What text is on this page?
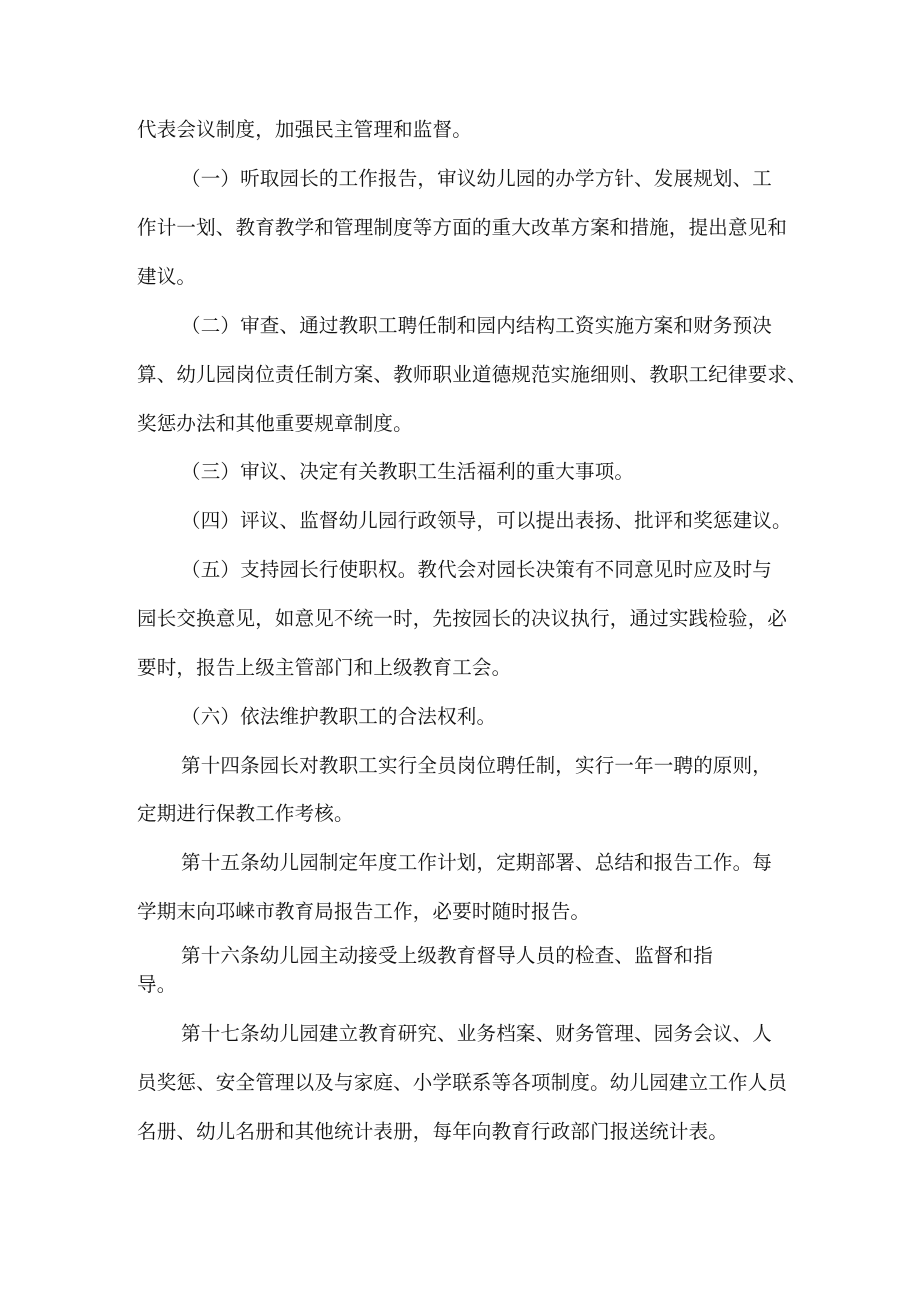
代表会议制度，加强民主管理和监督。
（一）听取园长的工作报告，审议幼儿园的办学方针、发展规划、工
作计一划、教育教学和管理制度等方面的重大改革方案和措施，提出意见和
建议。
（二）审查、通过教职工聘任制和园内结构工资实施方案和财务预决
算、幼儿园岗位责任制方案、教师职业道德规范实施细则、教职工纪律要求、
奖惩办法和其他重要规章制度。
（三）审议、决定有关教职工生活福利的重大事项。
（四）评议、监督幼儿园行政领导，可以提出表扬、批评和奖惩建议。
（五）支持园长行使职权。教代会对园长决策有不同意见时应及时与
园长交换意见，如意见不统一时，先按园长的决议执行，通过实践检验，必
要时，报告上级主管部门和上级教育工会。
（六）依法维护教职工的合法权利。
第十四条园长对教职工实行全员岗位聘任制，实行一年一聘的原则，
定期进行保教工作考核。
第十五条幼儿园制定年度工作计划，定期部署、总结和报告工作。每
学期末向邛崃市教育局报告工作，必要时随时报告。
第十六条幼儿园主动接受上级教育督导人员的检查、监督和指
导。
第十七条幼儿园建立教育研究、业务档案、财务管理、园务会议、人
员奖惩、安全管理以及与家庭、小学联系等各项制度。幼儿园建立工作人员
名册、幼儿名册和其他统计表册，每年向教育行政部门报送统计表。
